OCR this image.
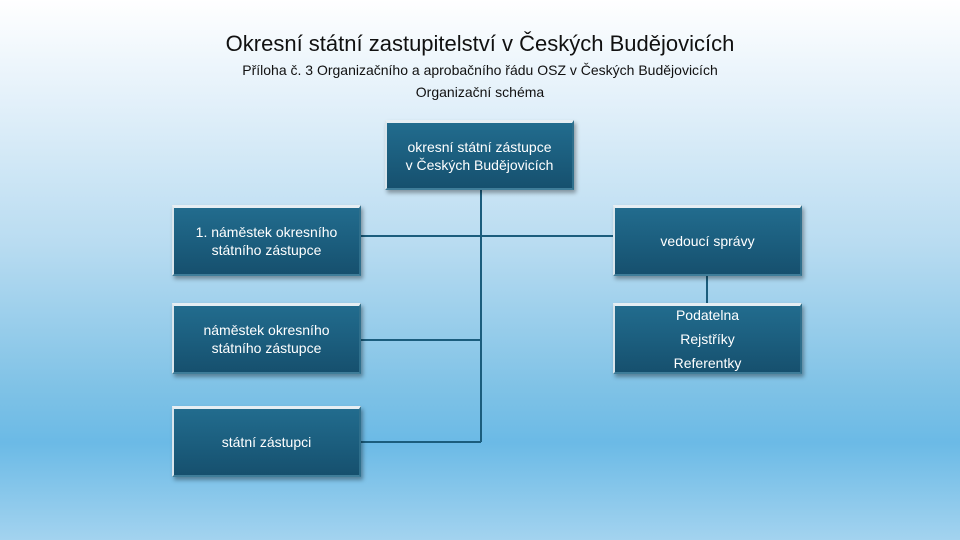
Okresní státní zastupitelství v Českých Budějovicích
Příloha č. 3 Organizačního a aprobačního řádu OSZ v Českých Budějovicích
Organizační schéma
okresní státní zástupce
v Českých Budějovicích
1. náměstek okresního
státního zástupce
vedoucí správy
náměstek okresního
státního zástupce
Podatelna
Rejstříky
Referentky
státní zástupci
